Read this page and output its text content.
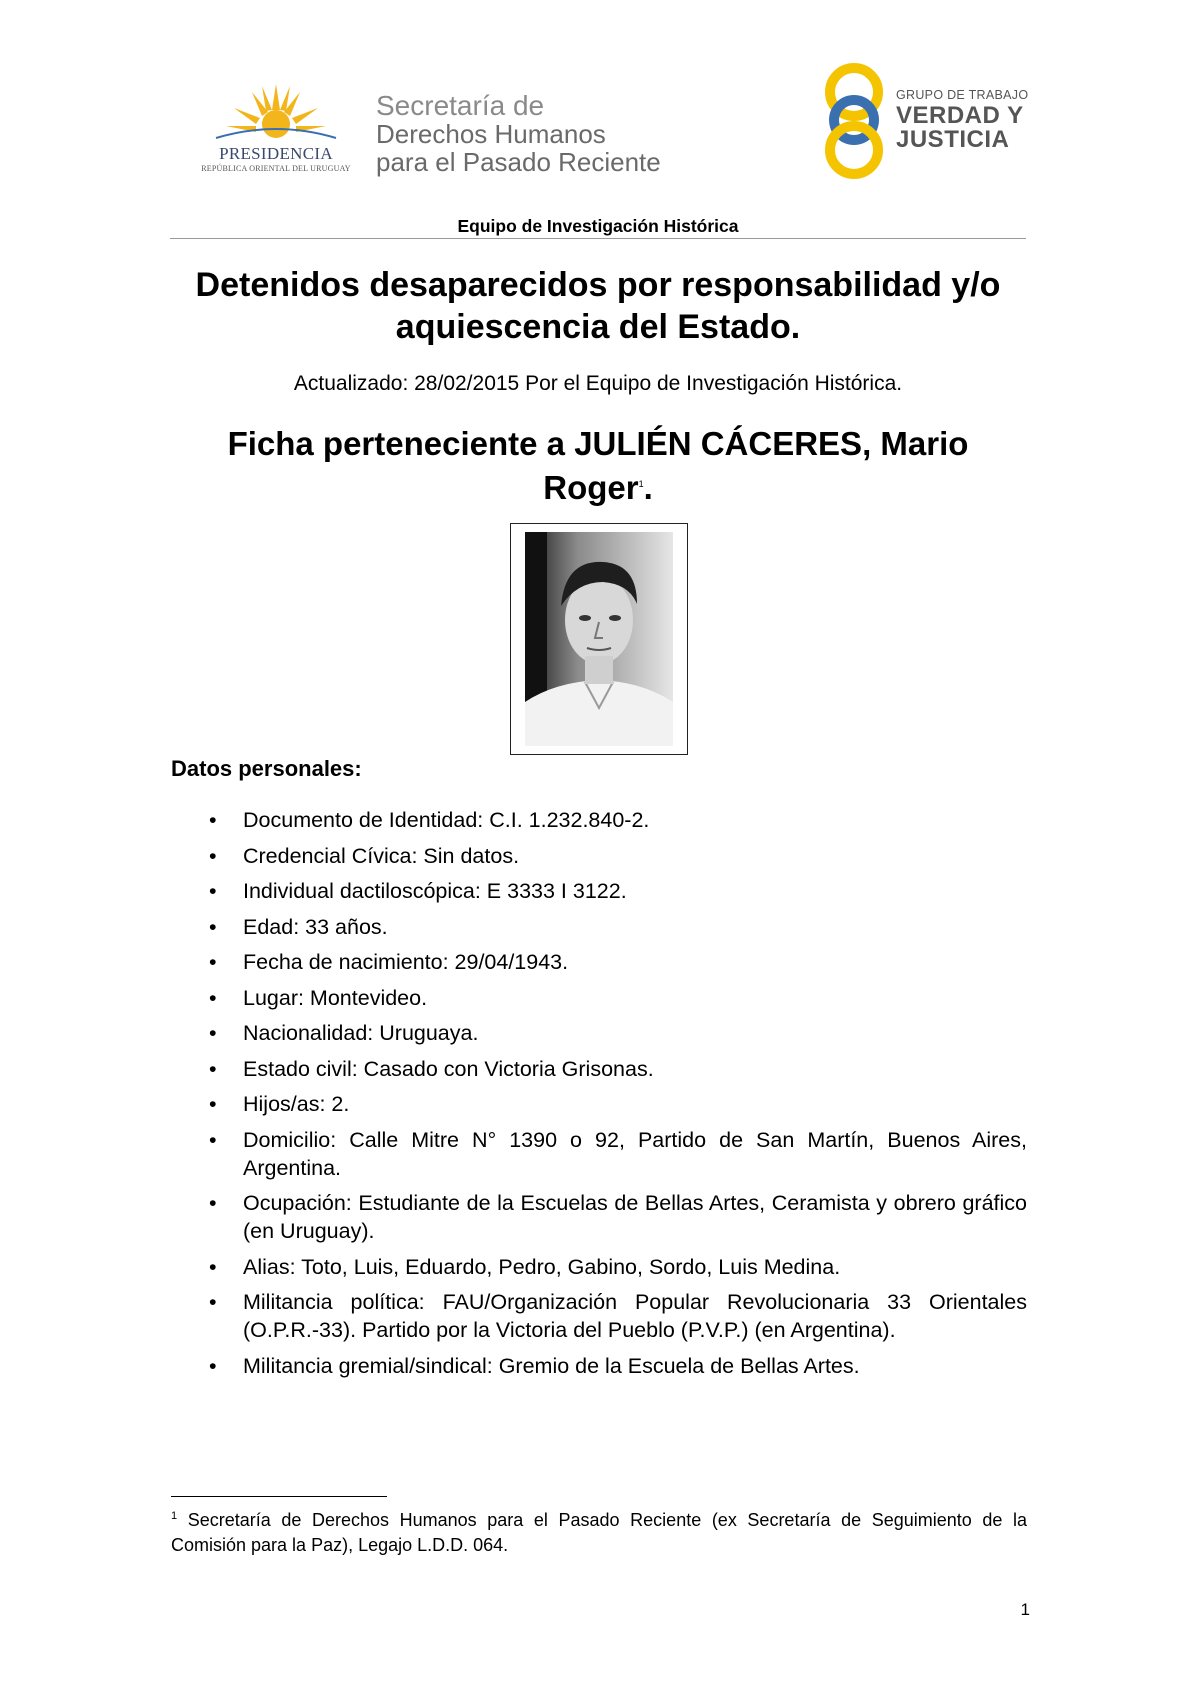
PRESIDENCIA
REPÚBLICA ORIENTAL DEL URUGUAY
Secretaría de
Derechos Humanos
para el Pasado Reciente
GRUPO DE TRABAJO
VERDAD Y
JUSTICIA
Equipo de Investigación Histórica
Detenidos desaparecidos por responsabilidad y/o aquiescencia del Estado.
Actualizado: 28/02/2015 Por el Equipo de Investigación Histórica.
Ficha perteneciente a JULIÉN CÁCERES, Mario Roger$^1$.
Datos personales:
• Documento de Identidad: C.I. 1.232.840-2.
• Credencial Cívica: Sin datos.
• Individual dactiloscópica: E 3333 I 3122.
• Edad: 33 años.
• Fecha de nacimiento: 29/04/1943.
• Lugar: Montevideo.
• Nacionalidad: Uruguaya.
• Estado civil: Casado con Victoria Grisonas.
• Hijos/as: 2.
• Domicilio: Calle Mitre N° 1390 o 92, Partido de San Martín, Buenos Aires, Argentina.
• Ocupación: Estudiante de la Escuelas de Bellas Artes, Ceramista y obrero gráfico (en Uruguay).
• Alias: Toto, Luis, Eduardo, Pedro, Gabino, Sordo, Luis Medina.
• Militancia política: FAU/Organización Popular Revolucionaria 33 Orientales (O.P.R.-33). Partido por la Victoria del Pueblo (P.V.P.) (en Argentina).
• Militancia gremial/sindical: Gremio de la Escuela de Bellas Artes.
$^1$ Secretaría de Derechos Humanos para el Pasado Reciente (ex Secretaría de Seguimiento de la Comisión para la Paz), Legajo L.D.D. 064.
1
